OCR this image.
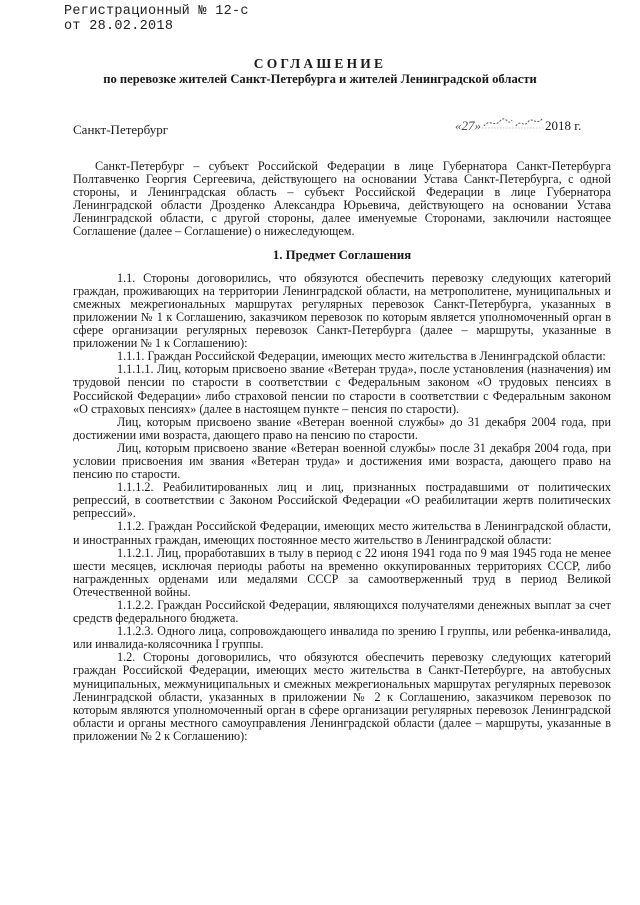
Регистрационный № 12-с
от 28.02.2018
СОГЛАШЕНИЕ
по перевозке жителей Санкт-Петербурга и жителей Ленинградской области
Санкт-Петербург	« 27 »	2018 г.

Санкт-Петербург – субъект Российской Федерации в лице Губернатора Санкт-Петербурга Полтавченко Георгия Сергеевича, действующего на основании Устава Санкт-Петербурга, с одной стороны, и Ленинградская область – субъект Российской Федерации в лице Губернатора Ленинградской области Дрозденко Александра Юрьевича, действующего на основании Устава Ленинградской области, с другой стороны, далее именуемые Сторонами, заключили настоящее Соглашение (далее – Соглашение) о нижеследующем.

1. Предмет Соглашения

1.1. Стороны договорились, что обязуются обеспечить перевозку следующих категорий граждан, проживающих на территории Ленинградской области, на метрополитене, муниципальных и смежных межрегиональных маршрутах регулярных перевозок Санкт-Петербурга, указанных в приложении № 1 к Соглашению, заказчиком перевозок по которым является уполномоченный орган в сфере организации регулярных перевозок Санкт-Петербурга (далее – маршруты, указанные в приложении № 1 к Соглашению):

1.1.1. Граждан Российской Федерации, имеющих место жительства в Ленинградской области:

1.1.1.1. Лиц, которым присвоено звание «Ветеран труда», после установления (назначения) им трудовой пенсии по старости в соответствии с Федеральным законом «О трудовых пенсиях в Российской Федерации» либо страховой пенсии по старости в соответствии с Федеральным законом «О страховых пенсиях» (далее в настоящем пункте – пенсия по старости).

Лиц, которым присвоено звание «Ветеран военной службы» до 31 декабря 2004 года, при достижении ими возраста, дающего право на пенсию по старости.

Лиц, которым присвоено звание «Ветеран военной службы» после 31 декабря 2004 года, при условии присвоения им звания «Ветеран труда» и достижения ими возраста, дающего право на пенсию по старости.

1.1.1.2. Реабилитированных лиц и лиц, признанных пострадавшими от политических репрессий, в соответствии с Законом Российской Федерации «О реабилитации жертв политических репрессий».

1.1.2. Граждан Российской Федерации, имеющих место жительства в Ленинградской области, и иностранных граждан, имеющих постоянное место жительство в Ленинградской области:

1.1.2.1. Лиц, проработавших в тылу в период с 22 июня 1941 года по 9 мая 1945 года не менее шести месяцев, исключая периоды работы на временно оккупированных территориях СССР, либо награжденных орденами или медалями СССР за самоотверженный труд в период Великой Отечественной войны.

1.1.2.2. Граждан Российской Федерации, являющихся получателями денежных выплат за счет средств федерального бюджета.

1.1.2.3. Одного лица, сопровождающего инвалида по зрению I группы, или ребенка-инвалида, или инвалида-колясочника I группы.

1.2. Стороны договорились, что обязуются обеспечить перевозку следующих категорий граждан Российской Федерации, имеющих место жительства в Санкт-Петербурге, на автобусных муниципальных, межмуниципальных и смежных межрегиональных маршрутах регулярных перевозок Ленинградской области, указанных в приложении № 2 к Соглашению, заказчиком перевозок по которым являются уполномоченный орган в сфере организации регулярных перевозок Ленинградской области и органы местного самоуправления Ленинградской области (далее – маршруты, указанные в приложении № 2 к Соглашению):
